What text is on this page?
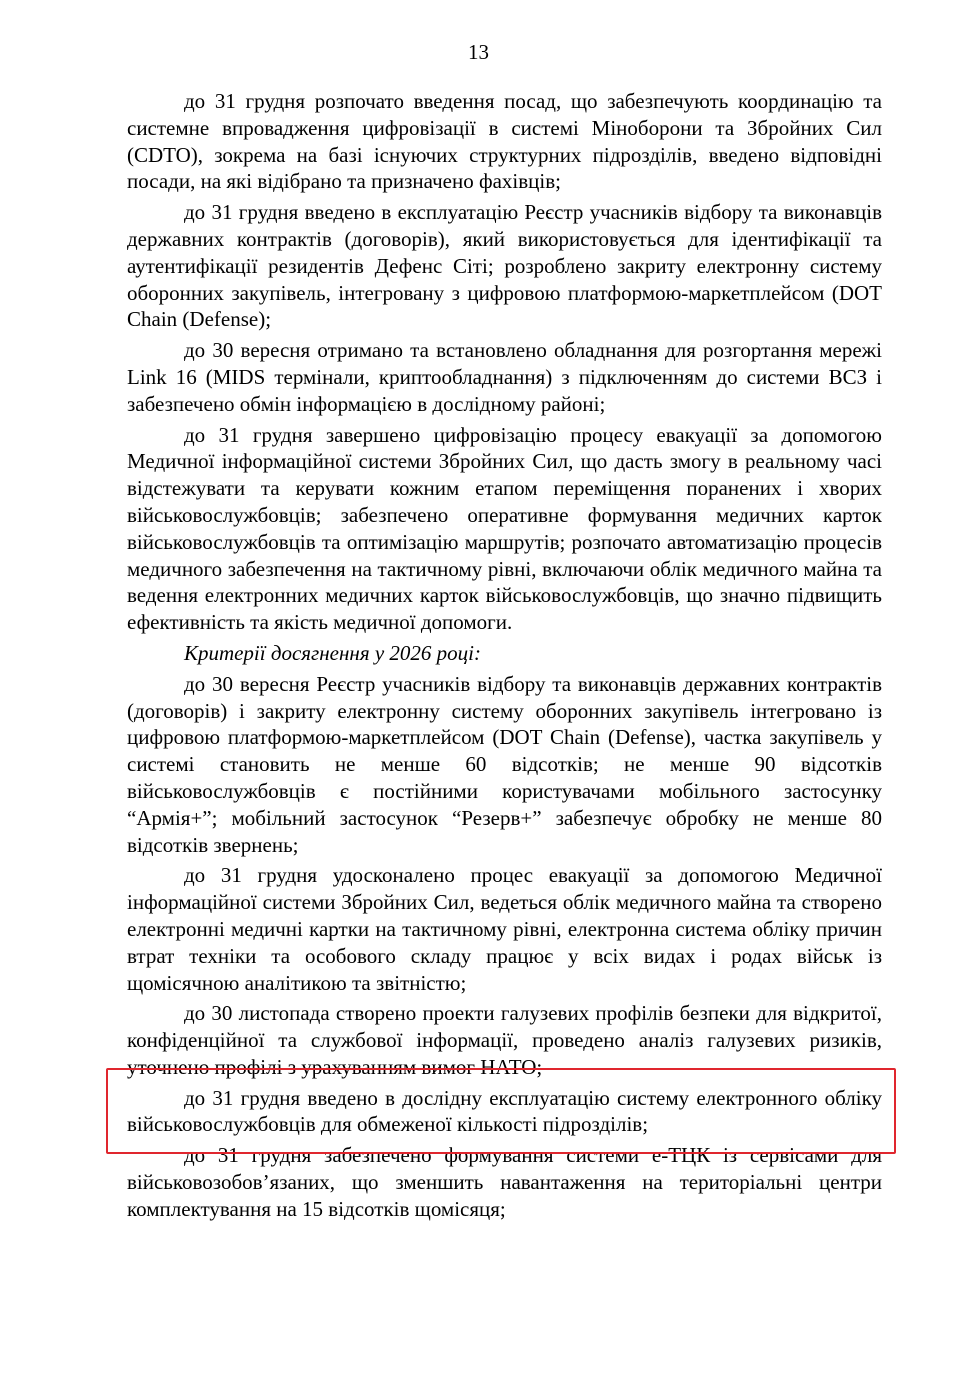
13

до 31 грудня розпочато введення посад, що забезпечують координацію та системне впровадження цифровізації в системі Міноборони та Збройних Сил (CDTO), зокрема на базі існуючих структурних підрозділів, введено відповідні посади, на які відібрано та призначено фахівців;

до 31 грудня введено в експлуатацію Реєстр учасників відбору та виконавців державних контрактів (договорів), який використовується для ідентифікації та аутентифікації резидентів Дефенс Сіті; розроблено закриту електронну систему оборонних закупівель, інтегровану з цифровою платформою-маркетплейсом (DOT Chain (Defense);

до 30 вересня отримано та встановлено обладнання для розгортання мережі Link 16 (MIDS термінали, криптообладнання) з підключенням до системи ВСЗ і забезпечено обмін інформацією в дослідному районі;

до 31 грудня завершено цифровізацію процесу евакуації за допомогою Медичної інформаційної системи Збройних Сил, що дасть змогу в реальному часі відстежувати та керувати кожним етапом переміщення поранених і хворих військовослужбовців; забезпечено оперативне формування медичних карток військовослужбовців та оптимізацію маршрутів; розпочато автоматизацію процесів медичного забезпечення на тактичному рівні, включаючи облік медичного майна та ведення електронних медичних карток військовослужбовців, що значно підвищить ефективність та якість медичної допомоги.

Критерії досягнення у 2026 році:

до 30 вересня Реєстр учасників відбору та виконавців державних контрактів (договорів) і закриту електронну систему оборонних закупівель інтегровано із цифровою платформою-маркетплейсом (DOT Chain (Defense), частка закупівель у системі становить не менше 60 відсотків; не менше 90 відсотків військовослужбовців є постійними користувачами мобільного застосунку “Армія+”; мобільний застосунок “Резерв+” забезпечує обробку не менше 80 відсотків звернень;

до 31 грудня удосконалено процес евакуації за допомогою Медичної інформаційної системи Збройних Сил, ведеться облік медичного майна та створено електронні медичні картки на тактичному рівні, електронна система обліку причин втрат техніки та особового складу працює у всіх видах і родах військ із щомісячною аналітикою та звітністю;

до 30 листопада створено проекти галузевих профілів безпеки для відкритої, конфіденційної та службової інформації, проведено аналіз галузевих ризиків, уточнено профілі з урахуванням вимог НАТО;

до 31 грудня введено в дослідну експлуатацію систему електронного обліку військовослужбовців для обмеженої кількості підрозділів;

до 31 грудня забезпечено формування системи е-ТЦК із сервісами для військовозобов’язаних, що зменшить навантаження на територіальні центри комплектування на 15 відсотків щомісяця;
